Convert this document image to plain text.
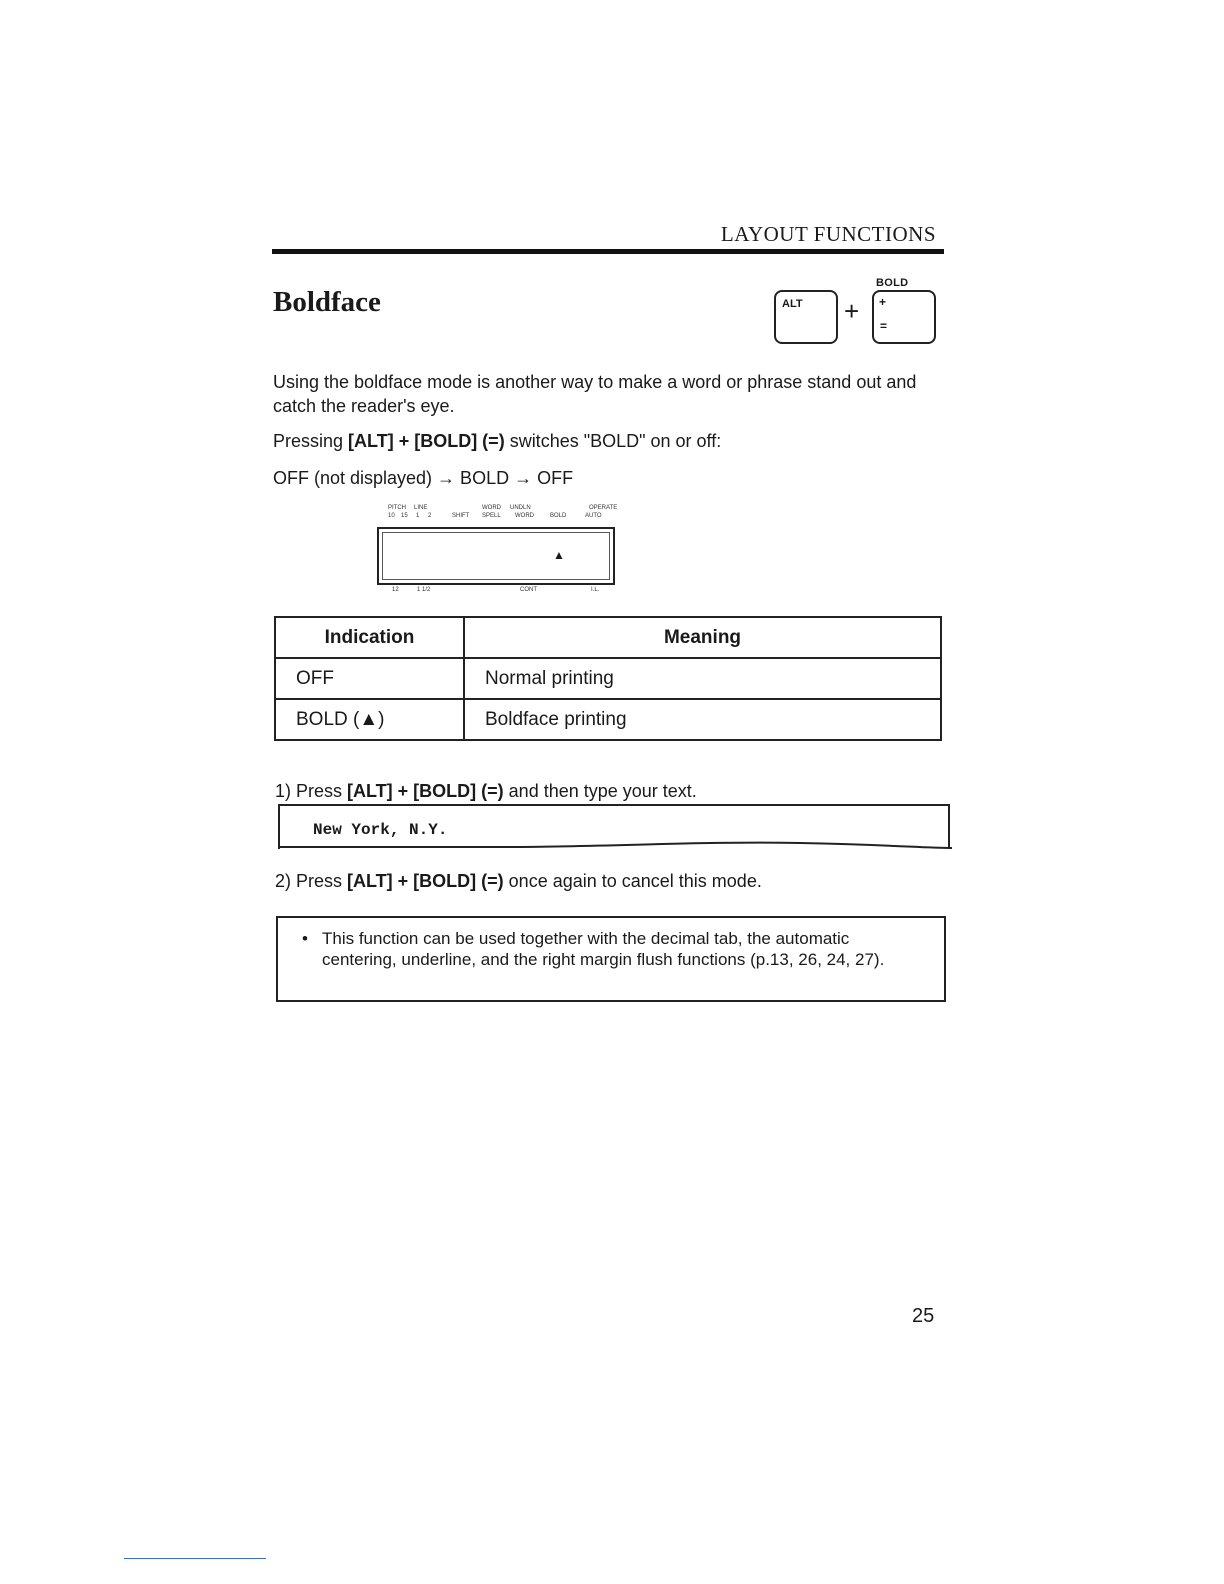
LAYOUT FUNCTIONS
Boldface
BOLD
ALT + +
=
Using the boldface mode is another way to make a word or phrase stand out and catch the reader's eye.
Pressing [ALT] + [BOLD] (=) switches "BOLD" on or off:
OFF (not displayed) → BOLD → OFF
PITCH LINE	WORD UNDLN	OPERATE
10 15 1 2	SHIFT SPELL WORD	BOLD	AUTO
▲
12	1 1/2	CONT	I.L.
Indication	Meaning
OFF	Normal printing
BOLD (▲)	Boldface printing
1) Press [ALT] + [BOLD] (=) and then type your text.
New York, N.Y.
2) Press [ALT] + [BOLD] (=) once again to cancel this mode.
• This function can be used together with the decimal tab, the automatic centering, underline, and the right margin flush functions (p.13, 26, 24, 27).
25
